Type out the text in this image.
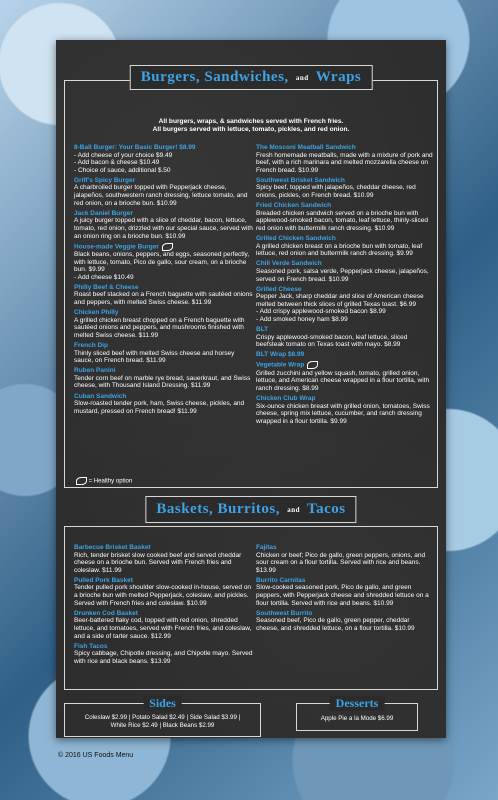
Burgers, Sandwiches, and Wraps
All burgers, wraps, & sandwiches served with French fries.
All burgers served with lettuce, tomato, pickles, and red onion.
8-Ball Burger: Your Basic Burger! $8.99
- Add cheese of your choice $9.49
- Add bacon & cheese $10.49
- Choice of sauce, additional $.50
Griff's Spicy Burger
A charbroiled burger topped with Pepperjack cheese, jalapeños, southwestern ranch dressing, lettuce tomato, and red onion, on a brioche bun. $10.99
Jack Daniel Burger
A juicy burger topped with a slice of cheddar, bacon, lettuce, tomato, red onion, drizzled with our special sauce, served with an onion ring on a brioche bun. $10.99
House-made Veggie Burger
Black beans, onions, peppers, and eggs, seasoned perfectly, with lettuce, tomato, Pico de gallo, sour cream, on a brioche bun. $9.99
- Add cheese $10.49
Philly Beef & Cheese
Roast beef stacked on a French baguette with sautéed onions and peppers, with melted Swiss cheese. $11.99
Chicken Philly
A grilled chicken breast chopped on a French baguette with sautéed onions and peppers, and mushrooms finished with melted Swiss cheese. $11.99
French Dip
Thinly sliced beef with melted Swiss cheese and horsey sauce, on French bread. $11.99
Ruben Panini
Tender corn beef on marble rye bread, sauerkraut, and Swiss cheese, with Thousand Island Dressing. $11.99
Cuban Sandwich
Slow-roasted tender pork, ham, Swiss cheese, pickles, and mustard, pressed on French bread! $11.99
The Mosconi Meatball Sandwich
Fresh homemade meatballs, made with a mixture of pork and beef, with a rich marinara and melted mozzarella cheese on French bread. $10.99
Southwest Brisket Sandwich
Spicy beef, topped with jalapeños, cheddar cheese, red onions, pickles, on French bread. $10.99
Fried Chicken Sandwich
Breaded chicken sandwich served on a brioche bun with applewood-smoked bacon, tomato, leaf lettuce, thinly-sliced red onion with buttermilk ranch dressing. $10.99
Grilled Chicken Sandwich
A grilled chicken breast on a brioche bun with tomato, leaf lettuce, red onion and buttermilk ranch dressing. $9.99
Chili Verde Sandwich
Seasoned pork, salsa verde, Pepperjack cheese, jalapeños, served on French bread. $10.99
Grilled Cheese
Pepper Jack, sharp cheddar and slice of American cheese melted between thick slices of grilled Texas toast. $6.99
- Add crispy applewood-smoked bacon $8.99
- Add smoked honey ham $8.99
BLT
Crispy applewood-smoked bacon, leaf lettuce, sliced beefsteak tomato on Texas toast with mayo. $8.99
BLT Wrap $8.99
Vegetable Wrap
Grilled zucchini and yellow squash, tomato, grilled onion, lettuce, and American cheese wrapped in a flour tortilla, with ranch dressing. $8.99
Chicken Club Wrap
Six-ounce chicken breast with grilled onion, tomatoes, Swiss cheese, spring mix lettuce, cucumber, and ranch dressing wrapped in a flour tortilla. $9.99
= Healthy option
Baskets, Burritos, and Tacos
Barbecue Brisket Basket
Rich, tender brisket slow cooked beef and served cheddar cheese on a brioche bun. Served with French fries and coleslaw. $11.99
Pulled Pork Basket
Tender pulled pork shoulder slow-cooked in-house, served on a brioche bun with melted Pepperjack, coleslaw, and pickles. Served with French fries and coleslaw. $10.99
Drunken Cod Basket
Beer-battered flaky cod, topped with red onion, shredded lettuce, and tomatoes, served with French fries, and coleslaw, and a side of tarter sauce. $12.99
Fish Tacos
Spicy cabbage, Chipotle dressing, and Chipotle mayo. Served with rice and black beans. $13.99
Fajitas
Chicken or beef; Pico de gallo, green peppers, onions, and sour cream on a flour tortilla. Served with rice and beans. $13.99
Burrito Carnitas
Slow-cooked seasoned pork, Pico de gallo, and green peppers, with Pepperjack cheese and shredded lettuce on a flour tortilla. Served with rice and beans. $10.99
Southwest Burrito
Seasoned beef, Pico de gallo, green pepper, cheddar cheese, and shredded lettuce, on a flour tortilla. $10.99
Sides
Coleslaw $2.99 | Potato Salad $2.49 | Side Salad $3.99 |
White Rice $2.49 | Black Beans $2.99
Desserts
Apple Pie a la Mode $6.99
© 2016 US Foods Menu
